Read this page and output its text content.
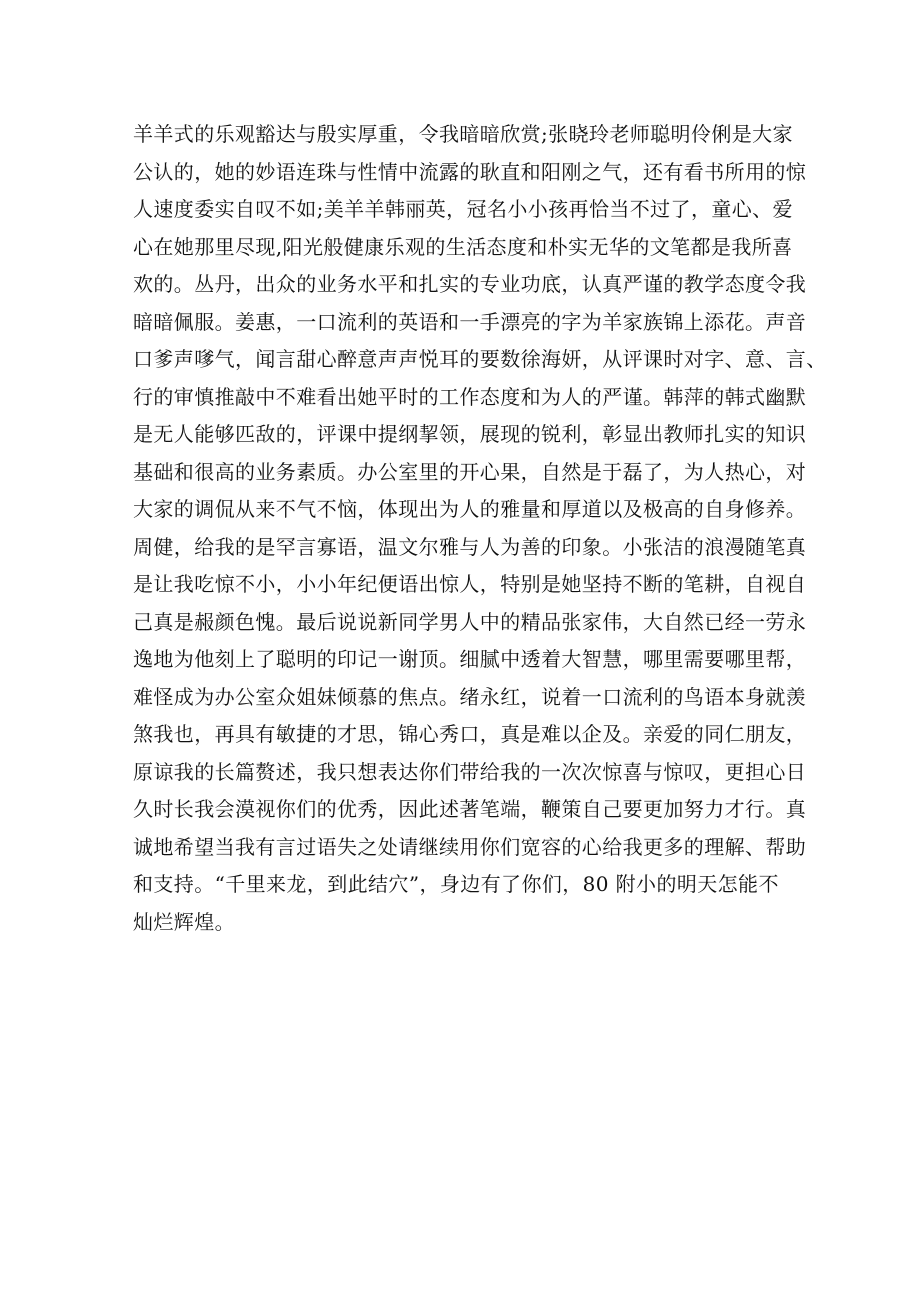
羊羊式的乐观豁达与殷实厚重，令我暗暗欣赏;张晓玲老师聪明伶俐是大家
公认的，她的妙语连珠与性情中流露的耿直和阳刚之气，还有看书所用的惊
人速度委实自叹不如;美羊羊韩丽英，冠名小小孩再恰当不过了，童心、爱
心在她那里尽现,阳光般健康乐观的生活态度和朴实无华的文笔都是我所喜
欢的。丛丹，出众的业务水平和扎实的专业功底，认真严谨的教学态度令我
暗暗佩服。姜惠，一口流利的英语和一手漂亮的字为羊家族锦上添花。声音
口爹声嗲气，闻言甜心醉意声声悦耳的要数徐海妍，从评课时对字、意、言、
行的审慎推敲中不难看出她平时的工作态度和为人的严谨。韩萍的韩式幽默
是无人能够匹敌的，评课中提纲挈领，展现的锐利，彰显出教师扎实的知识
基础和很高的业务素质。办公室里的开心果，自然是于磊了，为人热心，对
大家的调侃从来不气不恼，体现出为人的雅量和厚道以及极高的自身修养。
周健，给我的是罕言寡语，温文尔雅与人为善的印象。小张洁的浪漫随笔真
是让我吃惊不小，小小年纪便语出惊人，特别是她坚持不断的笔耕，自视自
己真是赧颜色愧。最后说说新同学男人中的精品张家伟，大自然已经一劳永
逸地为他刻上了聪明的印记一谢顶。细腻中透着大智慧，哪里需要哪里帮，
难怪成为办公室众姐妹倾慕的焦点。绪永红，说着一口流利的鸟语本身就羡
煞我也，再具有敏捷的才思，锦心秀口，真是难以企及。亲爱的同仁朋友，
原谅我的长篇赘述，我只想表达你们带给我的一次次惊喜与惊叹，更担心日
久时长我会漠视你们的优秀，因此述著笔端，鞭策自己要更加努力才行。真
诚地希望当我有言过语失之处请继续用你们宽容的心给我更多的理解、帮助
和支持。“千里来龙，到此结穴”，身边有了你们，80 附小的明天怎能不
灿烂辉煌。
